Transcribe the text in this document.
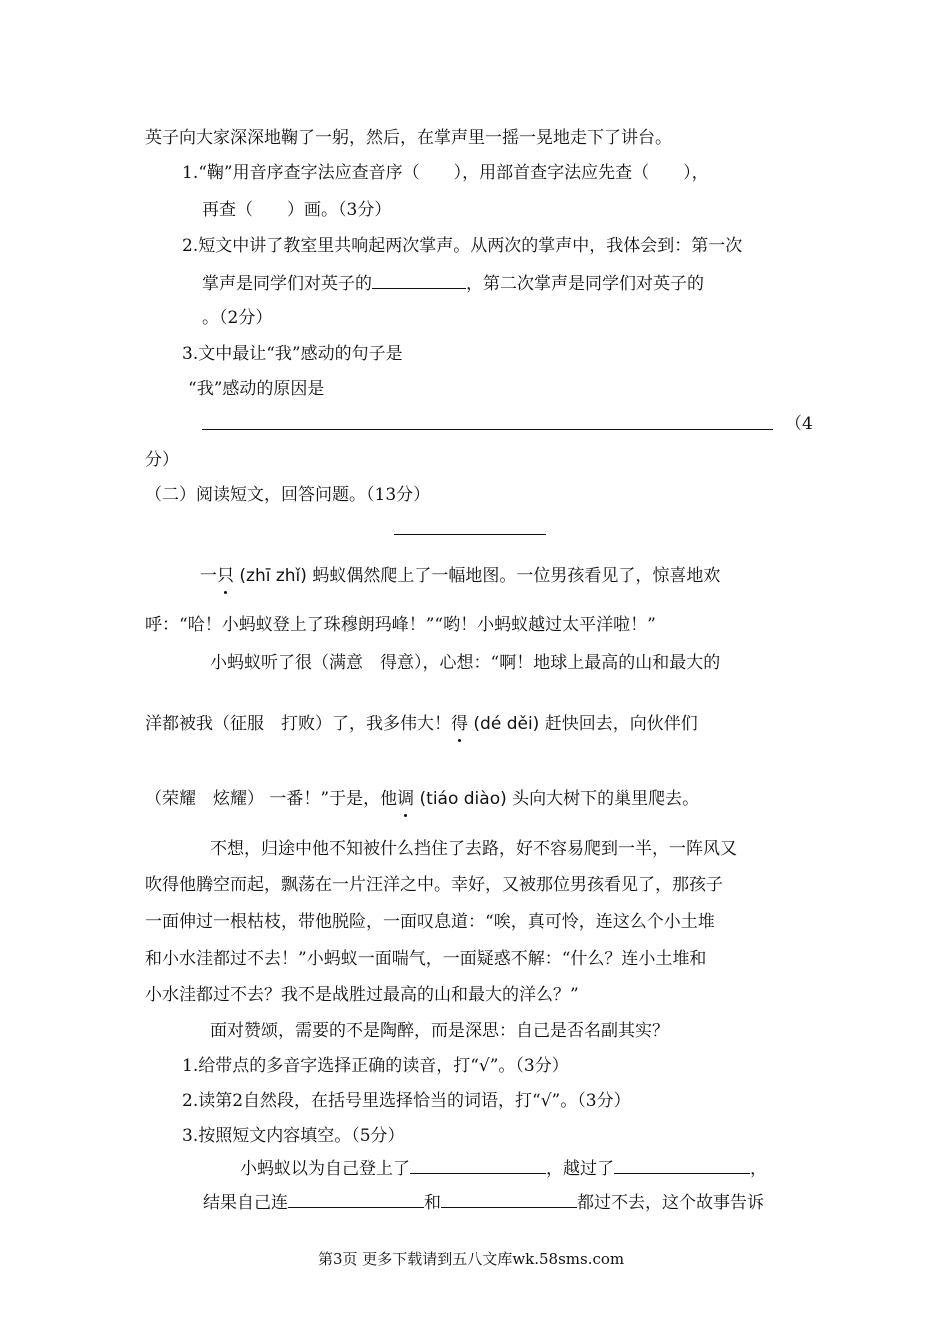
英子向大家深深地鞠了一躬，然后，在掌声里一摇一晃地走下了讲台。
1.“鞠”用音序查字法应查音序（　　），用部首查字法应先查（　　），
再查（　　）画。（3分）
2.短文中讲了教室里共响起两次掌声。从两次的掌声中，我体会到：第一次
掌声是同学们对英子的	，第二次掌声是同学们对英子的
。（2分）
3.文中最让“我”感动的句子是
“我”感动的原因是
（4
分）
（二）阅读短文，回答问题。（13分）
一只 (zhī zhǐ) 蚂蚁偶然爬上了一幅地图。一位男孩看见了，惊喜地欢
呼：“哈！小蚂蚁登上了珠穆朗玛峰！”“哟！小蚂蚁越过太平洋啦！”
小蚂蚁听了很（满意　得意），心想：“啊！地球上最高的山和最大的
洋都被我（征服　打败）了，我多伟大！得 (dé děi) 赶快回去，向伙伴们
（荣耀　炫耀） 一番！”于是，他调 (tiáo diào) 头向大树下的巢里爬去。
不想，归途中他不知被什么挡住了去路，好不容易爬到一半，一阵风又
吹得他腾空而起，飘荡在一片汪洋之中。幸好，又被那位男孩看见了，那孩子
一面伸过一根枯枝，带他脱险，一面叹息道：“唉，真可怜，连这么个小土堆
和小水洼都过不去！”小蚂蚁一面喘气，一面疑惑不解：“什么？连小土堆和
小水洼都过不去？我不是战胜过最高的山和最大的洋么？”
面对赞颂，需要的不是陶醉，而是深思：自己是否名副其实？
1.给带点的多音字选择正确的读音，打“√”。（3分）
2.读第2自然段，在括号里选择恰当的词语，打“√”。（3分）
3.按照短文内容填空。（5分）
小蚂蚁以为自己登上了	，越过了	，
结果自己连	和	都过不去，这个故事告诉
第3页 更多下载请到五八文库wk.58sms.com
